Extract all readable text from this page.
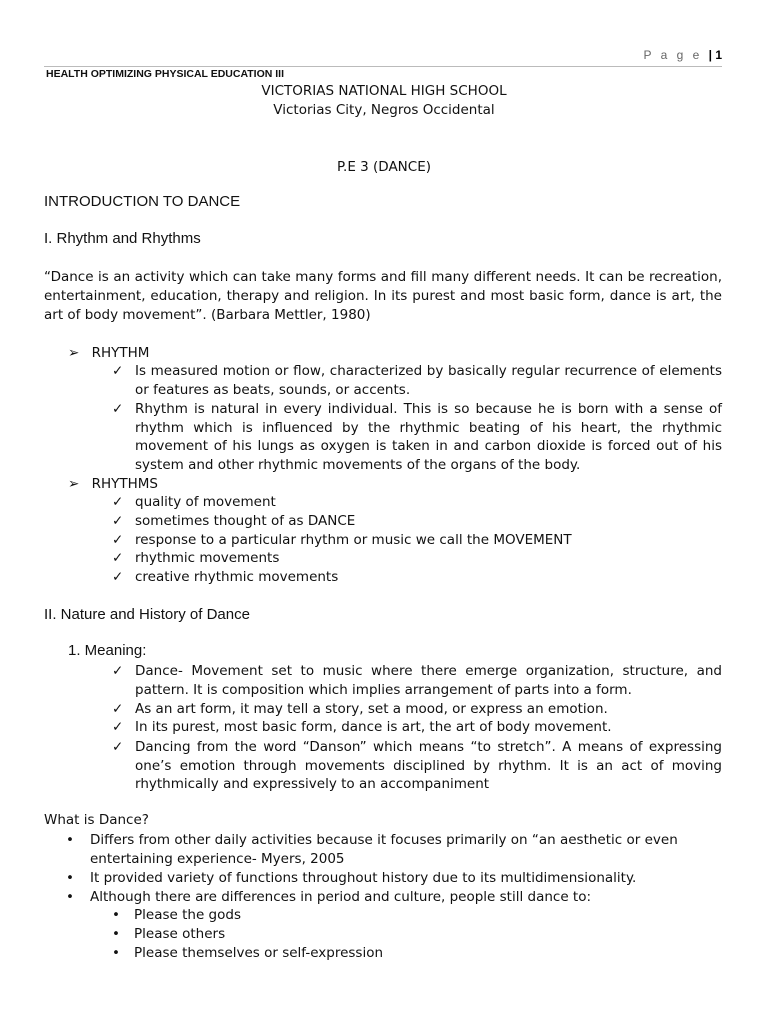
P a g e | 1
HEALTH OPTIMIZING PHYSICAL EDUCATION III
VICTORIAS NATIONAL HIGH SCHOOL
Victorias City, Negros Occidental
P.E 3 (DANCE)
INTRODUCTION TO DANCE
I. Rhythm and Rhythms
“Dance is an activity which can take many forms and fill many different needs. It can be recreation, entertainment, education, therapy and religion. In its purest and most basic form, dance is art, the art of body movement”. (Barbara Mettler, 1980)
➢ RHYTHM
✓ Is measured motion or flow, characterized by basically regular recurrence of elements or features as beats, sounds, or accents.
✓ Rhythm is natural in every individual. This is so because he is born with a sense of rhythm which is influenced by the rhythmic beating of his heart, the rhythmic movement of his lungs as oxygen is taken in and carbon dioxide is forced out of his system and other rhythmic movements of the organs of the body.
➢ RHYTHMS
✓ quality of movement
✓ sometimes thought of as DANCE
✓ response to a particular rhythm or music we call the MOVEMENT
✓ rhythmic movements
✓ creative rhythmic movements
II. Nature and History of Dance
1. Meaning:
✓ Dance- Movement set to music where there emerge organization, structure, and pattern. It is composition which implies arrangement of parts into a form.
✓ As an art form, it may tell a story, set a mood, or express an emotion.
✓ In its purest, most basic form, dance is art, the art of body movement.
✓ Dancing from the word “Danson” which means “to stretch”. A means of expressing one’s emotion through movements disciplined by rhythm. It is an act of moving rhythmically and expressively to an accompaniment
What is Dance?
• Differs from other daily activities because it focuses primarily on “an aesthetic or even entertaining experience- Myers, 2005
• It provided variety of functions throughout history due to its multidimensionality.
• Although there are differences in period and culture, people still dance to:
• Please the gods
• Please others
• Please themselves or self-expression
